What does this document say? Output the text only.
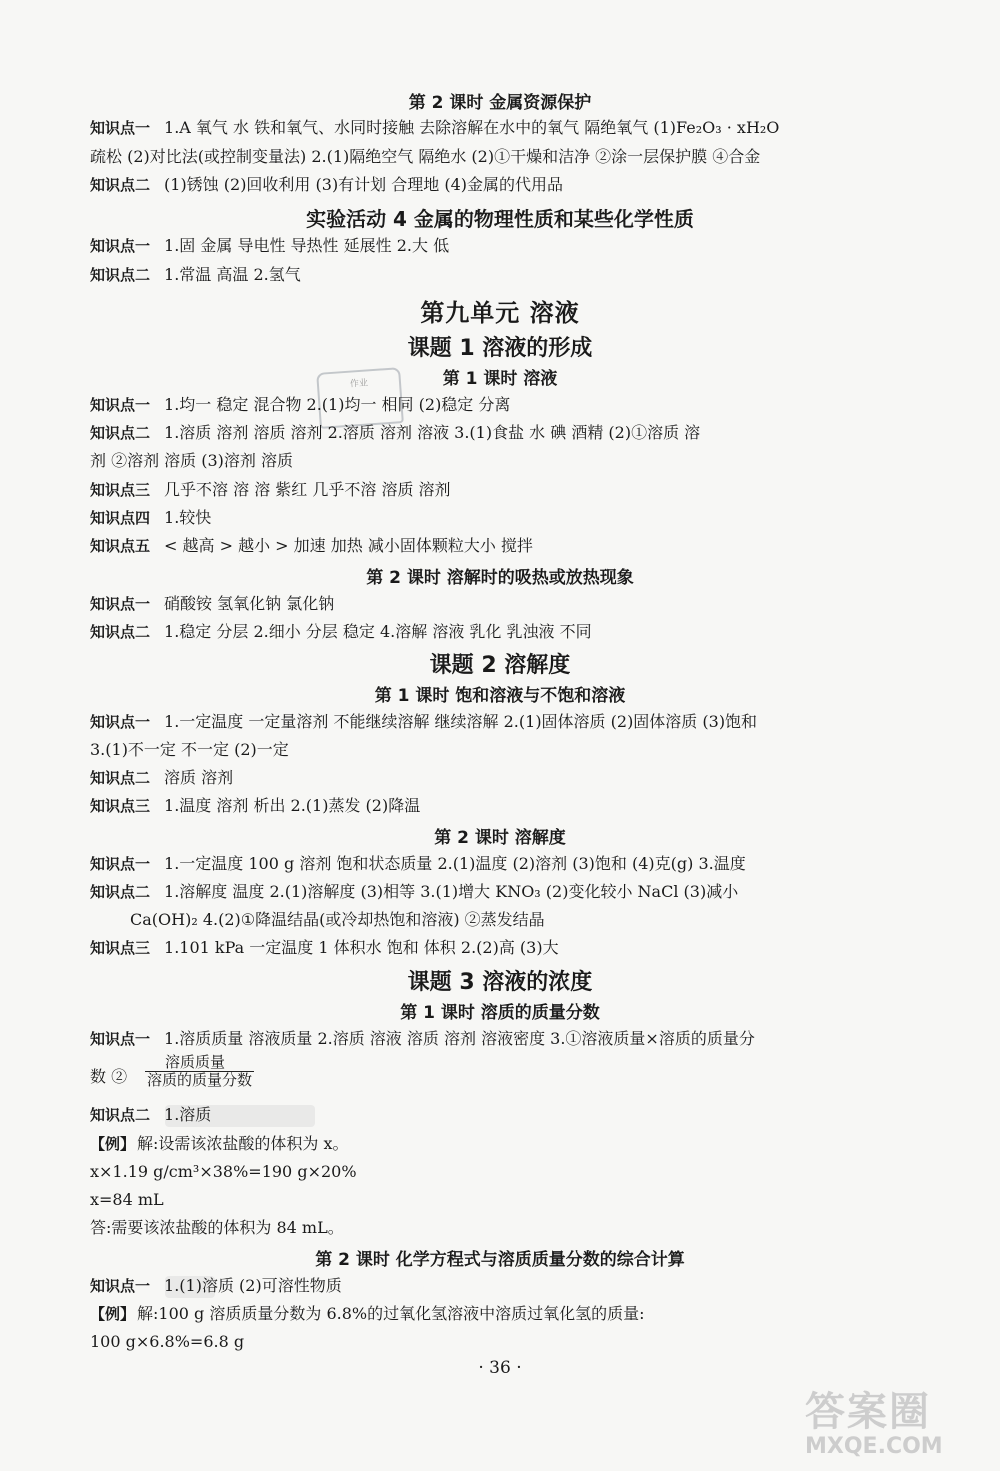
第 2 课时 金属资源保护
知识点一 1.A 氧气 水 铁和氧气、水同时接触 去除溶解在水中的氧气 隔绝氧气 (1)Fe₂O₃ · xH₂O
疏松 (2)对比法(或控制变量法) 2.(1)隔绝空气 隔绝水 (2)①干燥和洁净 ②涂一层保护膜 ④合金
知识点二 (1)锈蚀 (2)回收利用 (3)有计划 合理地 (4)金属的代用品
实验活动 4 金属的物理性质和某些化学性质
知识点一 1.固 金属 导电性 导热性 延展性 2.大 低
知识点二 1.常温 高温 2.氢气
第九单元 溶液
课题 1 溶液的形成
作业	第 1 课时 溶液
知识点一 1.均一 稳定 混合物 2.(1)均一 相同 (2)稳定 分离
知识点二 1.溶质 溶剂 溶质 溶剂 2.溶质 溶剂 溶液 3.(1)食盐 水 碘 酒精 (2)①溶质 溶
剂 ②溶剂 溶质 (3)溶剂 溶质
知识点三 几乎不溶 溶 溶 紫红 几乎不溶 溶质 溶剂
知识点四 1.较快
知识点五 < 越高 > 越小 > 加速 加热 减小固体颗粒大小 搅拌
第 2 课时 溶解时的吸热或放热现象
知识点一 硝酸铵 氢氧化钠 氯化钠
知识点二 1.稳定 分层 2.细小 分层 稳定 4.溶解 溶液 乳化 乳浊液 不同
课题 2 溶解度
第 1 课时 饱和溶液与不饱和溶液
知识点一 1.一定温度 一定量溶剂 不能继续溶解 继续溶解 2.(1)固体溶质 (2)固体溶质 (3)饱和
3.(1)不一定 不一定 (2)一定
知识点二 溶质 溶剂
知识点三 1.温度 溶剂 析出 2.(1)蒸发 (2)降温
第 2 课时 溶解度
知识点一 1.一定温度 100 g 溶剂 饱和状态质量 2.(1)温度 (2)溶剂 (3)饱和 (4)克(g) 3.温度
知识点二 1.溶解度 温度 2.(1)溶解度 (3)相等 3.(1)增大 KNO₃ (2)变化较小 NaCl (3)减小
Ca(OH)₂ 4.(2)①降温结晶(或冷却热饱和溶液) ②蒸发结晶
知识点三 1.101 kPa 一定温度 1 体积水 饱和 体积 2.(2)高 (3)大
课题 3 溶液的浓度
第 1 课时 溶质的质量分数
知识点一 1.溶质质量 溶液质量 2.溶质 溶液 溶质 溶剂 溶液密度 3.①溶液质量×溶质的质量分
数 ②
溶质质量
溶质的质量分数
知识点二 1.溶质
【例】 解:设需该浓盐酸的体积为 x。
x×1.19 g/cm³×38%=190 g×20%
x=84 mL
答:需要该浓盐酸的体积为 84 mL。
第 2 课时 化学方程式与溶质质量分数的综合计算
知识点一 1.(1)溶质 (2)可溶性物质
【例】 解:100 g 溶质质量分数为 6.8%的过氧化氢溶液中溶质过氧化氢的质量:
100 g×6.8%=6.8 g
· 36 ·
答案圈
MXQE.COM
